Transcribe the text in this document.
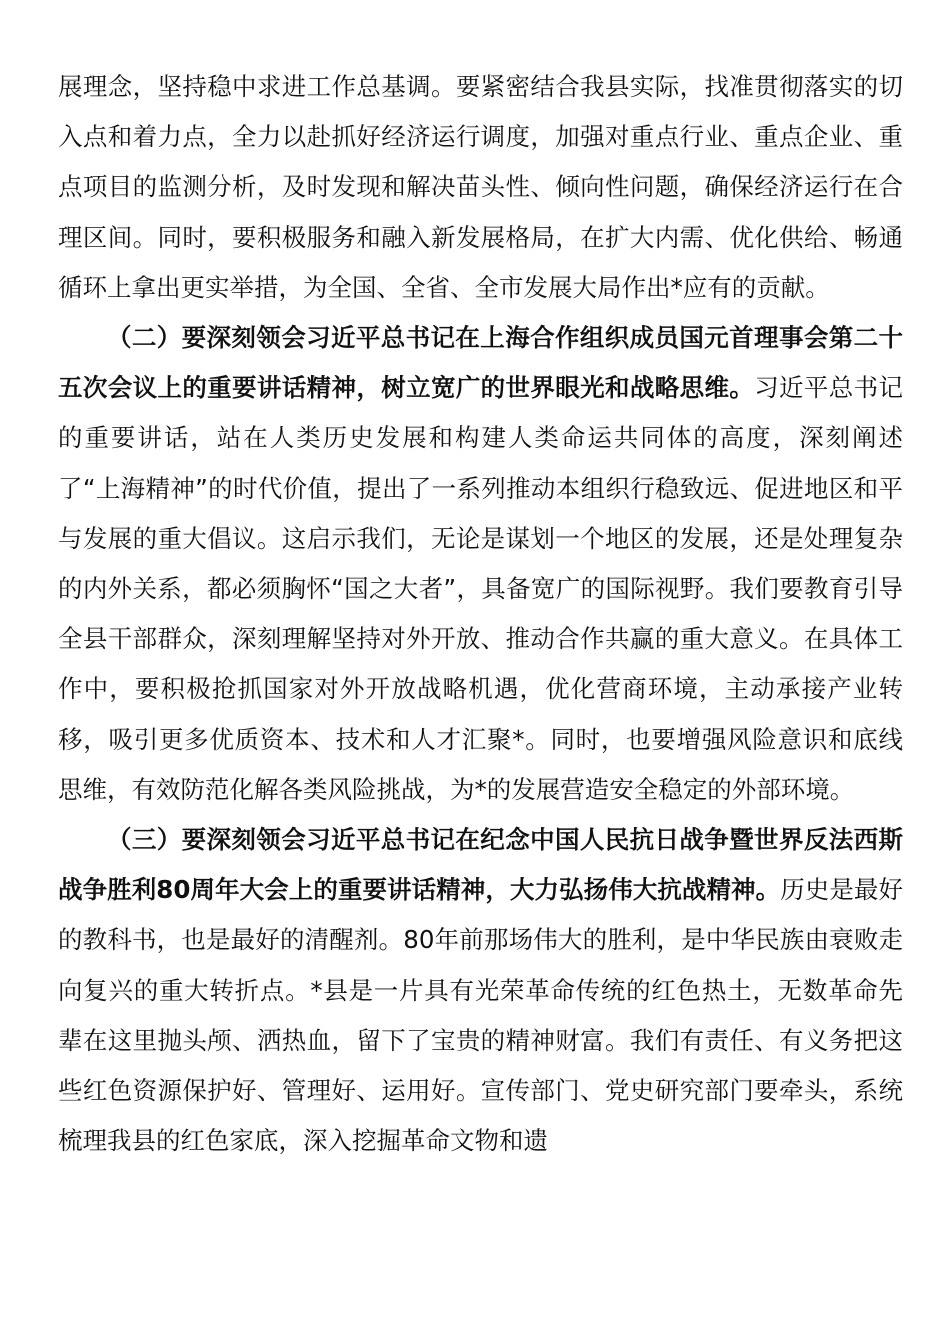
展理念，坚持稳中求进工作总基调。要紧密结合我县实际，找准贯彻落实的切入点和着力点，全力以赴抓好经济运行调度，加强对重点行业、重点企业、重点项目的监测分析，及时发现和解决苗头性、倾向性问题，确保经济运行在合理区间。同时，要积极服务和融入新发展格局，在扩大内需、优化供给、畅通循环上拿出更实举措，为全国、全省、全市发展大局作出*应有的贡献。

（二）要深刻领会习近平总书记在上海合作组织成员国元首理事会第二十五次会议上的重要讲话精神，树立宽广的世界眼光和战略思维。习近平总书记的重要讲话，站在人类历史发展和构建人类命运共同体的高度，深刻阐述了“上海精神”的时代价值，提出了一系列推动本组织行稳致远、促进地区和平与发展的重大倡议。这启示我们，无论是谋划一个地区的发展，还是处理复杂的内外关系，都必须胸怀“国之大者”，具备宽广的国际视野。我们要教育引导全县干部群众，深刻理解坚持对外开放、推动合作共赢的重大意义。在具体工作中，要积极抢抓国家对外开放战略机遇，优化营商环境，主动承接产业转移，吸引更多优质资本、技术和人才汇聚*。同时，也要增强风险意识和底线思维，有效防范化解各类风险挑战，为*的发展营造安全稳定的外部环境。

（三）要深刻领会习近平总书记在纪念中国人民抗日战争暨世界反法西斯战争胜利80周年大会上的重要讲话精神，大力弘扬伟大抗战精神。历史是最好的教科书，也是最好的清醒剂。80年前那场伟大的胜利，是中华民族由衰败走向复兴的重大转折点。*县是一片具有光荣革命传统的红色热土，无数革命先辈在这里抛头颅、洒热血，留下了宝贵的精神财富。我们有责任、有义务把这些红色资源保护好、管理好、运用好。宣传部门、党史研究部门要牵头，系统梳理我县的红色家底，深入挖掘革命文物和遗
